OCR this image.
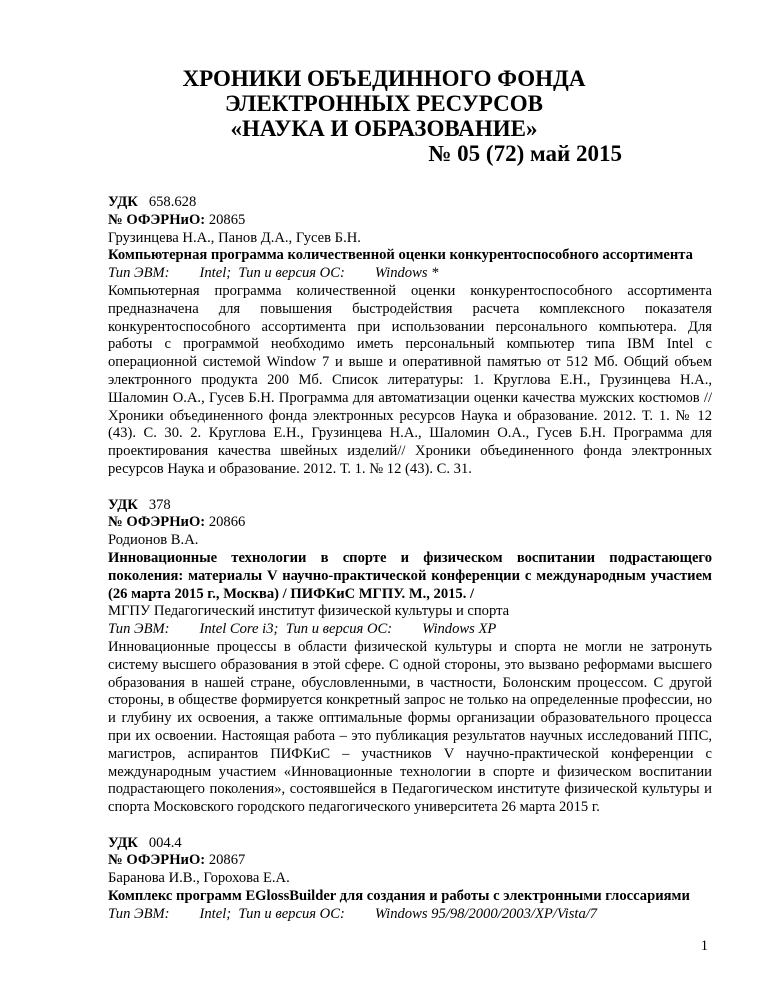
ХРОНИКИ ОБЪЕДИННОГО ФОНДА
ЭЛЕКТРОННЫХ РЕСУРСОВ
«НАУКА И ОБРАЗОВАНИЕ»
№ 05 (72) май 2015

УДК 658.628

№ ОФЭРНиО: 20865

Грузинцева Н.А., Панов Д.А., Гусев Б.Н.

Компьютерная программа количественной оценки конкурентоспособного ассортимента

Тип ЭВМ: Intel; Тип и версия ОС: Windows *

Компьютерная программа количественной оценки конкурентоспособного ассортимента предназначена для повышения быстродействия расчета комплексного показателя конкурентоспособного ассортимента при использовании персонального компьютера. Для работы с программой необходимо иметь персональный компьютер типа IBM Intel с операционной системой Window 7 и выше и оперативной памятью от 512 Мб. Общий объем электронного продукта 200 Мб. Список литературы: 1. Круглова Е.Н., Грузинцева Н.А., Шаломин О.А., Гусев Б.Н. Программа для автоматизации оценки качества мужских костюмов // Хроники объединенного фонда электронных ресурсов Наука и образование. 2012. Т. 1. № 12 (43). С. 30. 2. Круглова Е.Н., Грузинцева Н.А., Шаломин О.А., Гусев Б.Н. Программа для проектирования качества швейных изделий// Хроники объединенного фонда электронных ресурсов Наука и образование. 2012. Т. 1. № 12 (43). С. 31.

УДК 378

№ ОФЭРНиО: 20866

Родионов В.А.

Инновационные технологии в спорте и физическом воспитании подрастающего поколения: материалы V научно-практической конференции с международным участием (26 марта 2015 г., Москва) / ПИФКиС МГПУ. М., 2015. /

МГПУ Педагогический институт физической культуры и спорта

Тип ЭВМ: Intel Core i3; Тип и версия ОС: Windows XP

Инновационные процессы в области физической культуры и спорта не могли не затронуть систему высшего образования в этой сфере. С одной стороны, это вызвано реформами высшего образования в нашей стране, обусловленными, в частности, Болонским процессом. С другой стороны, в обществе формируется конкретный запрос не только на определенные профессии, но и глубину их освоения, а также оптимальные формы организации образовательного процесса при их освоении. Настоящая работа – это публикация результатов научных исследований ППС, магистров, аспирантов ПИФКиС – участников V научно-практической конференции с международным участием «Инновационные технологии в спорте и физическом воспитании подрастающего поколения», состоявшейся в Педагогическом институте физической культуры и спорта Московского городского педагогического университета 26 марта 2015 г.

УДК 004.4

№ ОФЭРНиО: 20867

Баранова И.В., Горохова Е.А.

Комплекс программ EGlossBuilder для создания и работы с электронными глоссариями

Тип ЭВМ: Intel; Тип и версия ОС: Windows 95/98/2000/2003/XP/Vista/7

1
